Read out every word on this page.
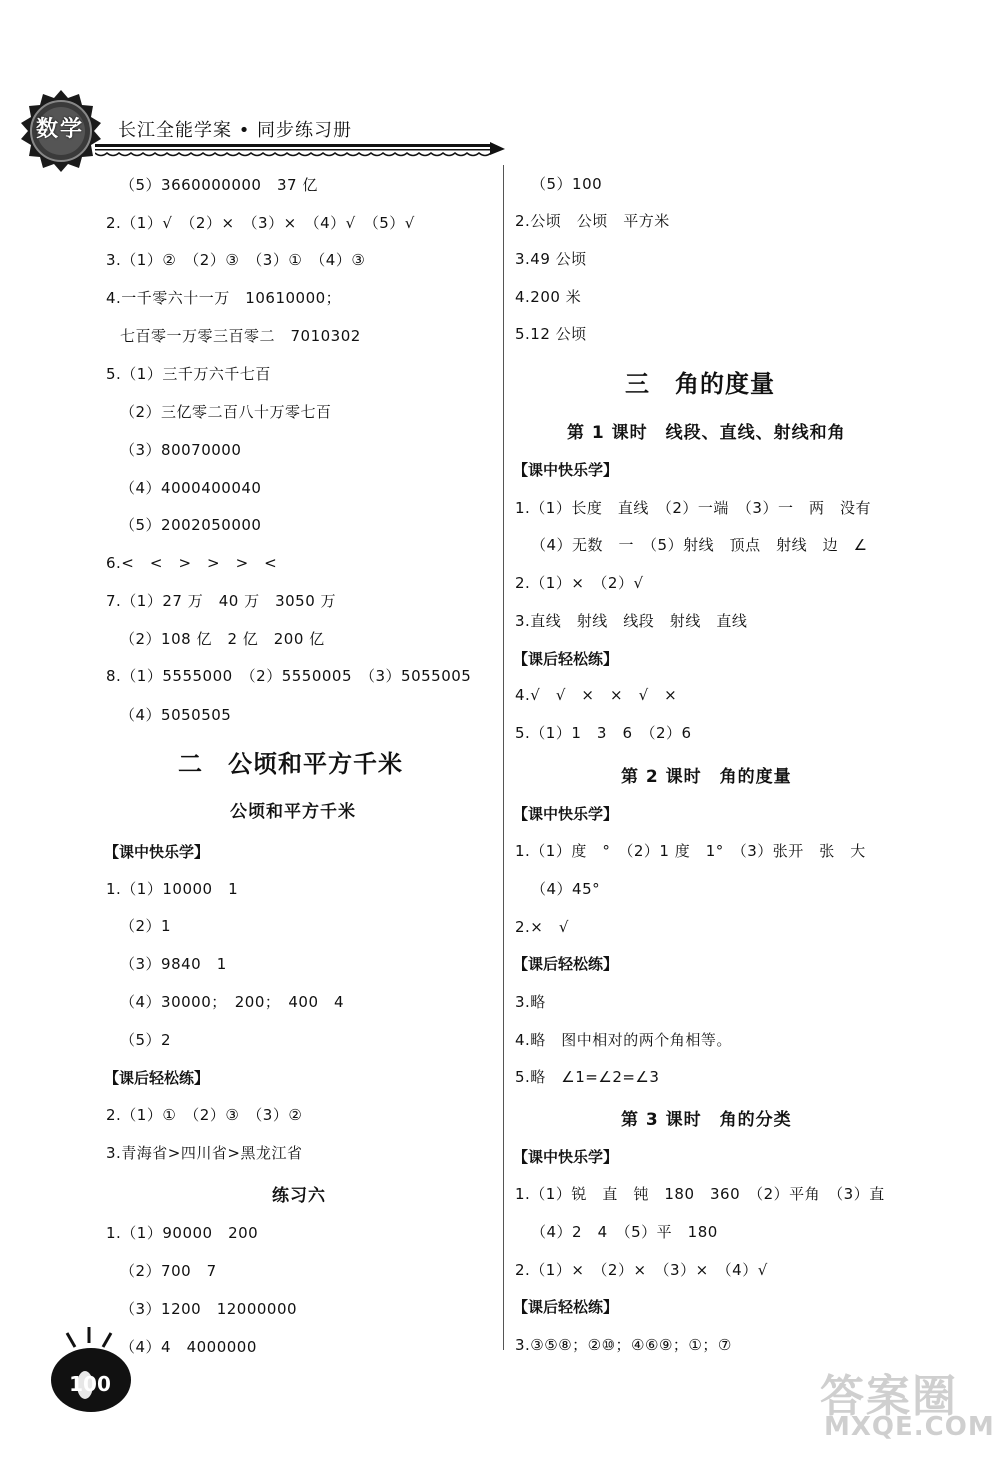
数学	长江全能学案 • 同步练习册
（5）3660000000　37 亿
2.（1）√　（2）×　（3）×　（4）√　（5）√
3.（1）②　（2）③　（3）①　（4）③
4.一千零六十一万　10610000；
七百零一万零三百零二　7010302
5.（1）三千万六千七百
（2）三亿零二百八十万零七百
（3）80070000
（4）4000400040
（5）2002050000
6.<　<　>　>　>　<
7.（1）27 万　40 万　3050 万
（2）108 亿　2 亿　200 亿
8.（1）5555000　（2）5550005　（3）5055005
（4）5050505
二　公顷和平方千米
公顷和平方千米
【课中快乐学】
1.（1）10000　1
（2）1
（3）9840　1
（4）30000；　200；　400　4
（5）2
【课后轻松练】
2.（1）①　（2）③　（3）②
3.青海省>四川省>黑龙江省
练习六
1.（1）90000　200
（2）700　7
（3）1200　12000000
（4）4　4000000
（5）100
2.公顷　公顷　平方米
3.49 公顷
4.200 米
5.12 公顷
三　角的度量
第 1 课时　线段、直线、射线和角
【课中快乐学】
1.（1）长度　直线　（2）一端　（3）一　两　没有
（4）无数　一　（5）射线　顶点　射线　边　∠
2.（1）×　（2）√
3.直线　射线　线段　射线　直线
【课后轻松练】
4.√　√　×　×　√　×
5.（1）1　3　6　（2）6
第 2 课时　角的度量
【课中快乐学】
1.（1）度　°　（2）1 度　1°　（3）张开　张　大
（4）45°
2.×　√
【课后轻松练】
3.略
4.略　图中相对的两个角相等。
5.略　∠1=∠2=∠3
第 3 课时　角的分类
【课中快乐学】
1.（1）锐　直　钝　180　360　（2）平角　（3）直
（4）2　4　（5）平　180
2.（1）×　（2）×　（3）×　（4）√
【课后轻松练】
3.③⑤⑧；②⑩；④⑥⑨；①；⑦
100	答案圈
MXQE.COM
